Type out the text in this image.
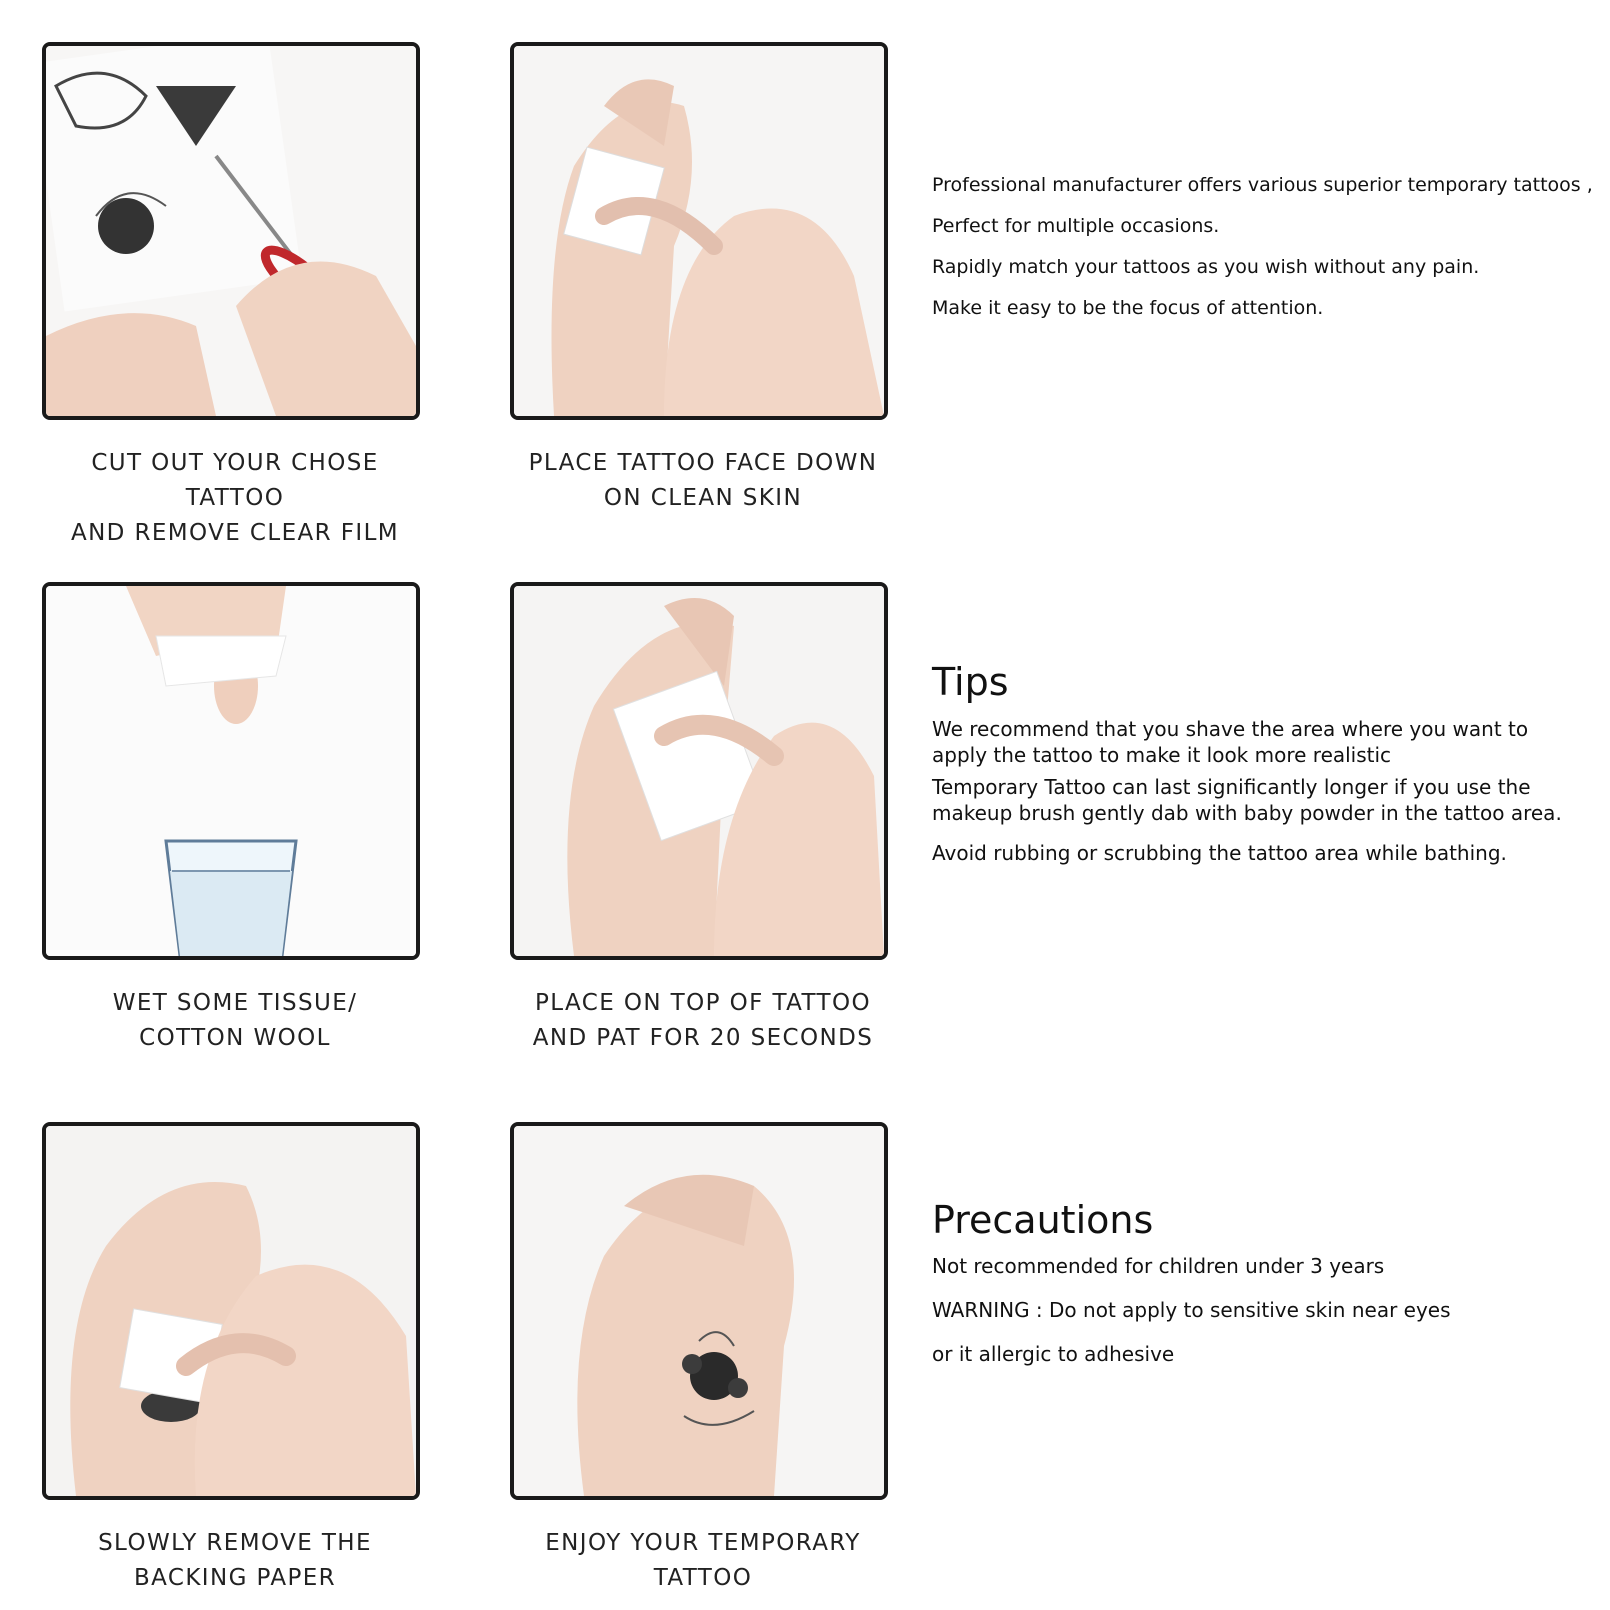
CUT OUT YOUR CHOSE TATTOO
AND REMOVE CLEAR FILM
PLACE TATTOO FACE DOWN
ON CLEAN SKIN
WET SOME TISSUE/
COTTON WOOL
PLACE ON TOP OF TATTOO
AND PAT FOR 20 SECONDS
SLOWLY REMOVE THE
BACKING PAPER
ENJOY YOUR TEMPORARY TATTOO
Professional manufacturer offers various superior temporary tattoos ,
Perfect for multiple occasions.
Rapidly match your tattoos as you wish without any pain.
Make it easy to be the focus of attention.
Tips
We recommend that you shave the area where you want to
apply the tattoo to make it look more realistic
Temporary Tattoo can last significantly longer if you use the
makeup brush gently dab with baby powder in the tattoo area.
Avoid rubbing or scrubbing the tattoo area while bathing.
Precautions
Not recommended for children under 3 years
WARNING : Do not apply to sensitive skin near eyes
or it allergic to adhesive
